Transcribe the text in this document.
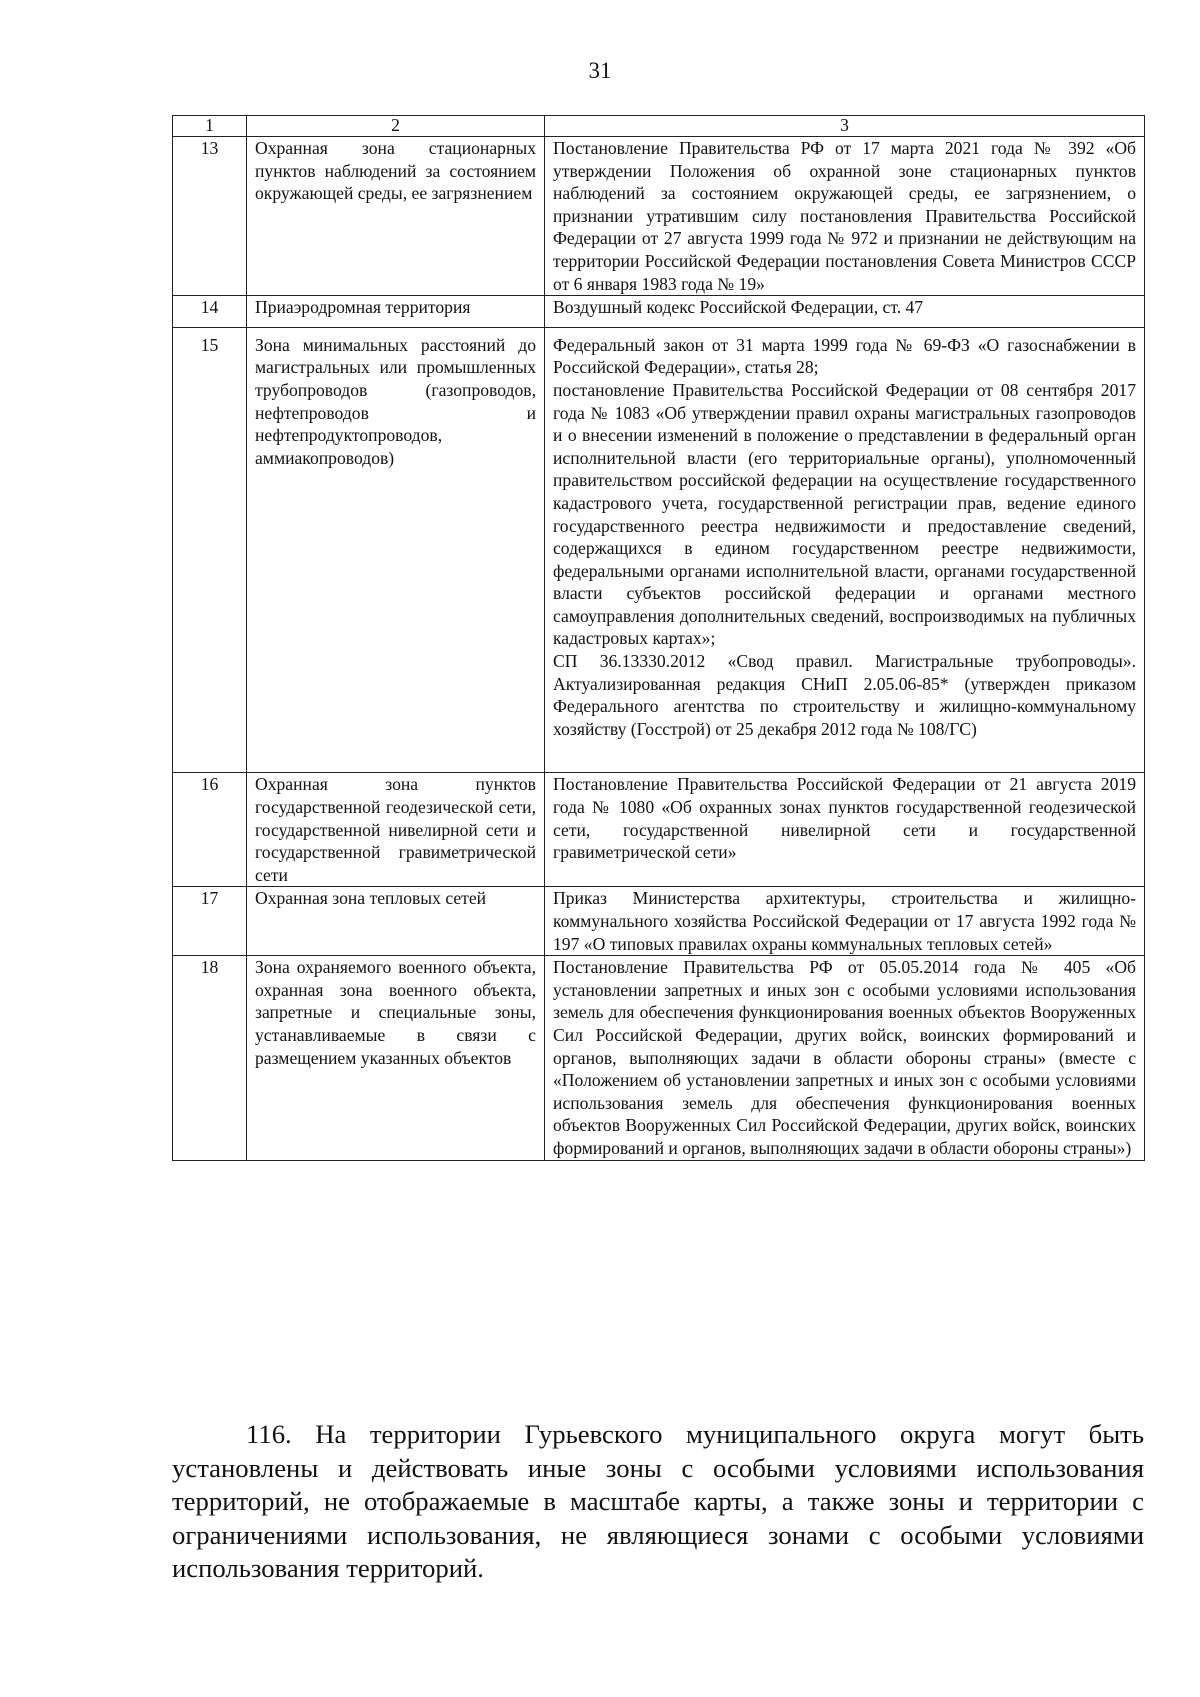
31
1	2	3
13	Охранная зона стационарных пунктов наблюдений за состоянием окружающей среды, ее загрязнением	Постановление Правительства РФ от 17 марта 2021 года № 392 «Об утверждении Положения об охранной зоне стационарных пунктов наблюдений за состоянием окружающей среды, ее загрязнением, о признании утратившим силу постановления Правительства Российской Федерации от 27 августа 1999 года № 972 и признании не действующим на территории Российской Федерации постановления Совета Министров СССР от 6 января 1983 года № 19»

14	Приаэродромная территория	Воздушный кодекс Российской Федерации, ст. 47

15	Зона минимальных расстояний до магистральных или промышленных трубопроводов (газопроводов, нефтепроводов и нефтепродуктопроводов, аммиакопроводов)	Федеральный закон от 31 марта 1999 года № 69-ФЗ «О газоснабжении в Российской Федерации», статья 28;
постановление Правительства Российской Федерации от 08 сентября 2017 года № 1083 «Об утверждении правил охраны магистральных газопроводов и о внесении изменений в положение о представлении в федеральный орган исполнительной власти (его территориальные органы), уполномоченный правительством российской федерации на осуществление государственного кадастрового учета, государственной регистрации прав, ведение единого государственного реестра недвижимости и предоставление сведений, содержащихся в едином государственном реестре недвижимости, федеральными органами исполнительной власти, органами государственной власти субъектов российской федерации и органами местного самоуправления дополнительных сведений, воспроизводимых на публичных кадастровых картах»;
СП 36.13330.2012 «Свод правил. Магистральные трубопроводы». Актуализированная редакция СНиП 2.05.06-85* (утвержден приказом Федерального агентства по строительству и жилищно-коммунальному хозяйству (Госстрой) от 25 декабря 2012 года № 108/ГС)

16	Охранная зона пунктов государственной геодезической сети, государственной нивелирной сети и государственной гравиметрической сети	Постановление Правительства Российской Федерации от 21 августа 2019 года № 1080 «Об охранных зонах пунктов государственной геодезической сети, государственной нивелирной сети и государственной гравиметрической сети»

17	Охранная зона тепловых сетей	Приказ Министерства архитектуры, строительства и жилищно-коммунального хозяйства Российской Федерации от 17 августа 1992 года № 197 «О типовых правилах охраны коммунальных тепловых сетей»

18	Зона охраняемого военного объекта, охранная зона военного объекта, запретные и специальные зоны, устанавливаемые в связи с размещением указанных объектов	Постановление Правительства РФ от 05.05.2014 года № 405 «Об установлении запретных и иных зон с особыми условиями использования земель для обеспечения функционирования военных объектов Вооруженных Сил Российской Федерации, других войск, воинских формирований и органов, выполняющих задачи в области обороны страны» (вместе с «Положением об установлении запретных и иных зон с особыми условиями использования земель для обеспечения функционирования военных объектов Вооруженных Сил Российской Федерации, других войск, воинских формирований и органов, выполняющих задачи в области обороны страны»)
116. На территории Гурьевского муниципального округа могут быть установлены и действовать иные зоны с особыми условиями использования территорий, не отображаемые в масштабе карты, а также зоны и территории с ограничениями использования, не являющиеся зонами с особыми условиями использования территорий.
